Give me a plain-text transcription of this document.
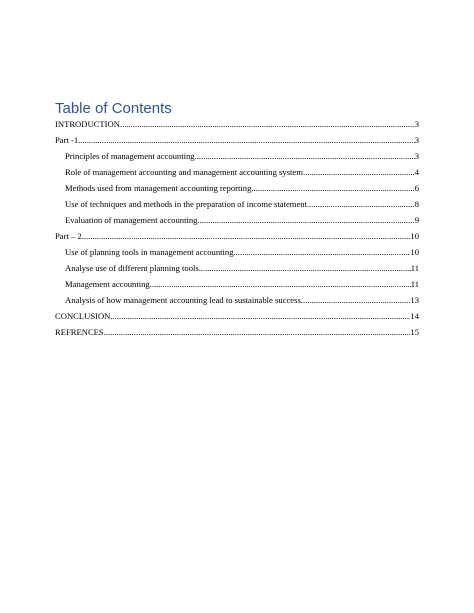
Table of Contents
INTRODUCTION .....	3
Part -1 .....	3
Principles of management accounting .....	3
Role of management accounting and management accounting system .....	4
Methods used from management accounting reporting .....	6
Use of techniques and methods in the preparation of income statement .....	8
Evaluation of management accounting .....	9
Part – 2 .....	10
Use of planning tools in management accounting .....	10
Analyse use of different planning tools .....	11
Management accounting .....	11
Analysis of how management accounting lead to sustainable success .....	13
CONCLUSION .....	14
REFRENCES .....	15
